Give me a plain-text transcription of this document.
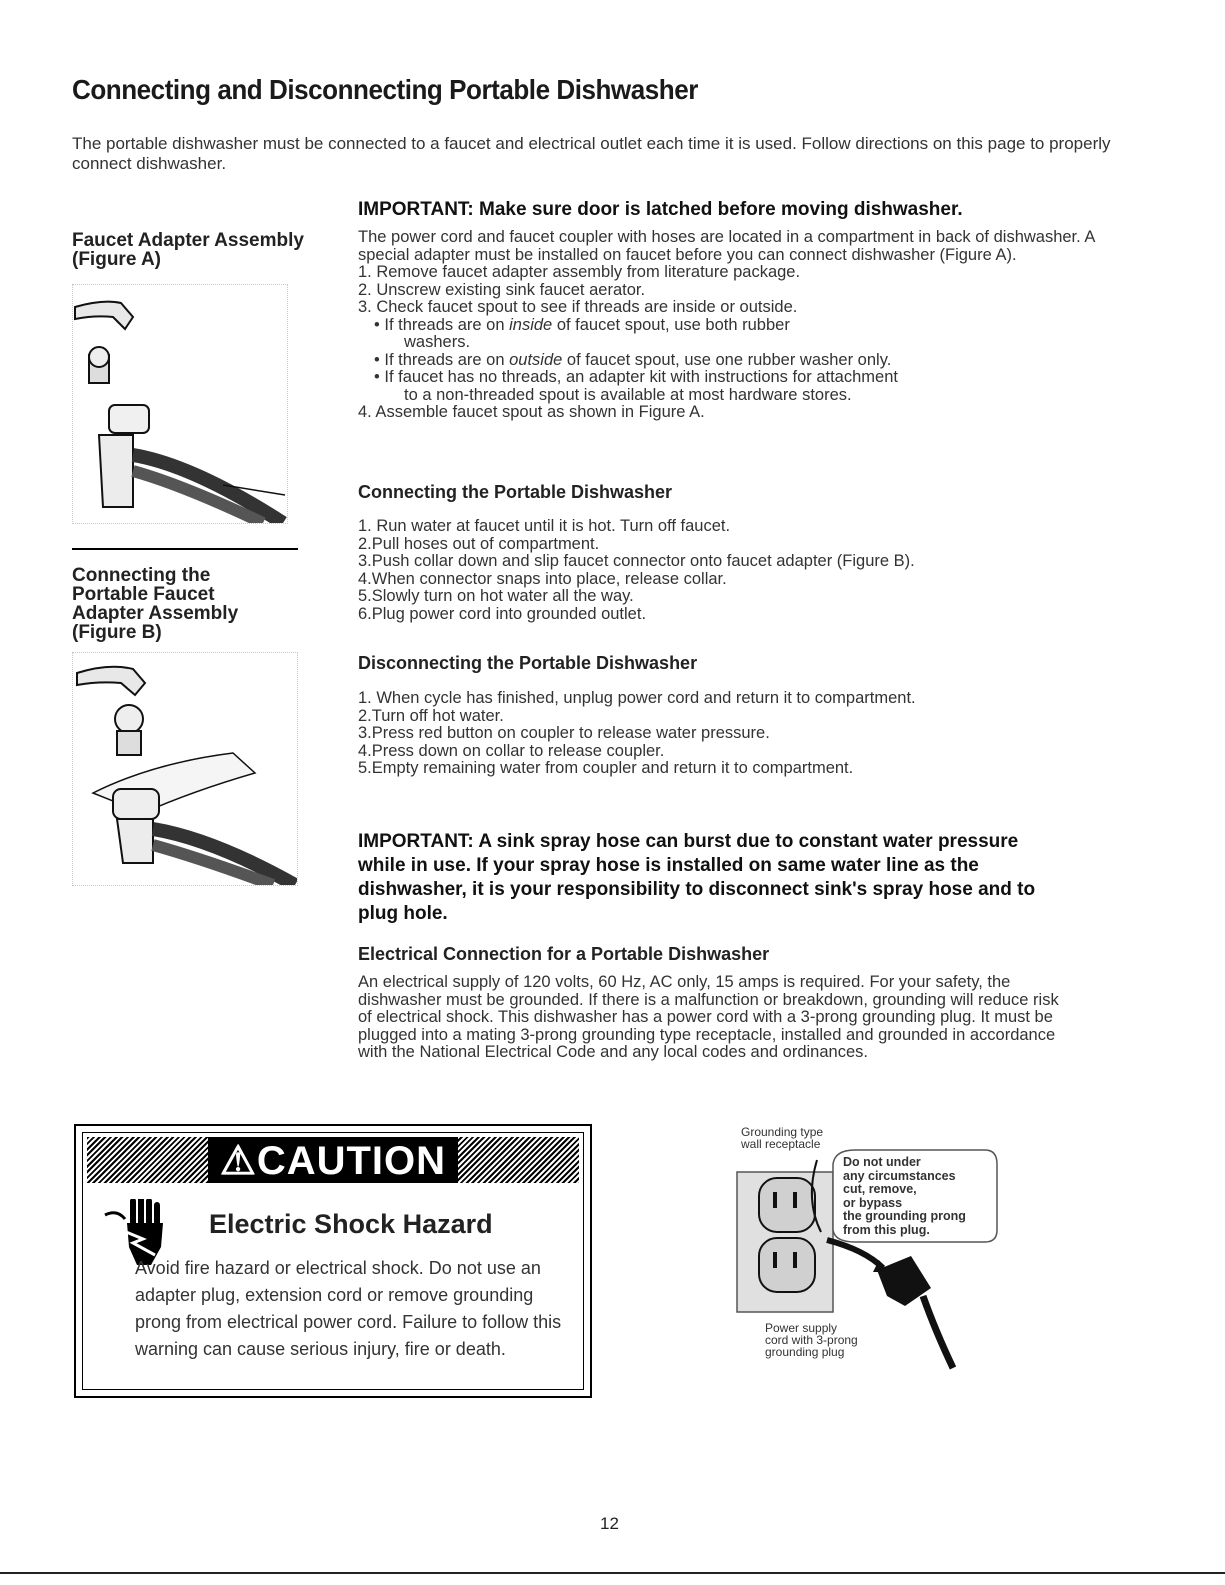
Connecting and Disconnecting Portable Dishwasher
The portable dishwasher must be connected to a faucet and electrical outlet each time it is used. Follow directions on this page to properly connect dishwasher.
Faucet Adapter Assembly
(Figure A)
Connecting the
Portable Faucet
Adapter Assembly
(Figure B)
IMPORTANT: Make sure door is latched before moving dishwasher.
The power cord and faucet coupler with hoses are located in a compartment in back of dishwasher. A special adapter must be installed on faucet before you can connect dishwasher (Figure A).
1. Remove faucet adapter assembly from literature package.
2. Unscrew existing sink faucet aerator.
3. Check faucet spout to see if threads are inside or outside.
• If threads are on inside of faucet spout, use both rubber
washers.
• If threads are on outside of faucet spout, use one rubber washer only.
• If faucet has no threads, an adapter kit with instructions for attachment
to a non-threaded spout is available at most hardware stores.
4. Assemble faucet spout as shown in Figure A.
Connecting the Portable Dishwasher
1. Run water at faucet until it is hot. Turn off faucet.
2.Pull hoses out of compartment.
3.Push collar down and slip faucet connector onto faucet adapter (Figure B).
4.When connector snaps into place, release collar.
5.Slowly turn on hot water all the way.
6.Plug power cord into grounded outlet.
Disconnecting the Portable Dishwasher
1. When cycle has finished, unplug power cord and return it to compartment.
2.Turn off hot water.
3.Press red button on coupler to release water pressure.
4.Press down on collar to release coupler.
5.Empty remaining water from coupler and return it to compartment.
IMPORTANT: A sink spray hose can burst due to constant water pressure while in use. If your spray hose is installed on same water line as the dishwasher, it is your responsibility to disconnect sink's spray hose and to plug hole.
Electrical Connection for a Portable Dishwasher
An electrical supply of 120 volts, 60 Hz, AC only, 15 amps is required. For your safety, the dishwasher must be grounded. If there is a malfunction or breakdown, grounding will reduce risk of electrical shock. This dishwasher has a power cord with a 3-prong grounding plug. It must be plugged into a mating 3-prong grounding type receptacle, installed and grounded in accordance with the National Electrical Code and any local codes and ordinances.
⚠CAUTION
Electric Shock Hazard
Avoid fire hazard or electrical shock. Do not use an adapter plug, extension cord or remove grounding prong from electrical power cord. Failure to follow this warning can cause serious injury, fire or death.
Grounding type
wall receptacle
Do not under
any circumstances
cut, remove,
or bypass
the grounding prong
from this plug.
Power supply
cord with 3-prong
grounding plug
12
